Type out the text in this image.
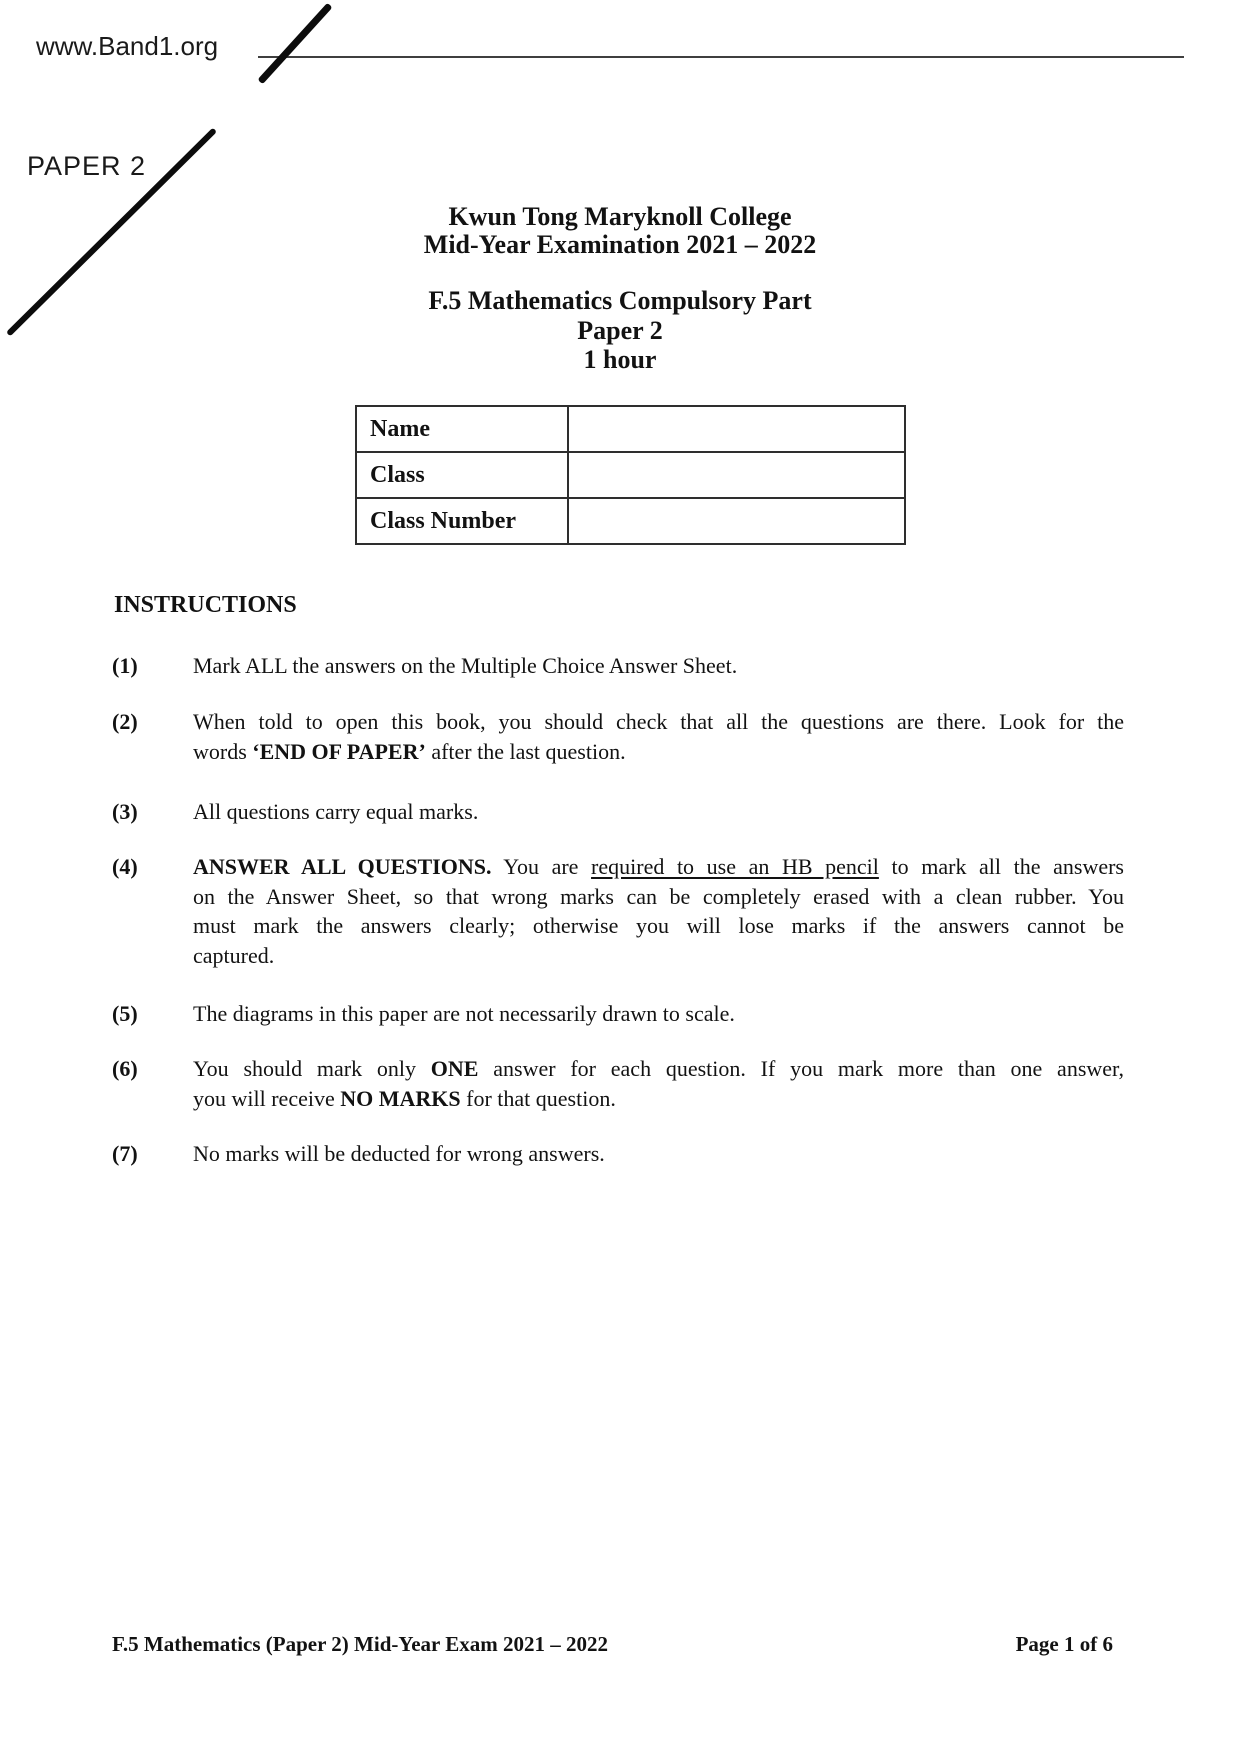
www.Band1.org
PAPER 2
Kwun Tong Maryknoll College
Mid-Year Examination 2021 – 2022
F.5 Mathematics Compulsory Part
Paper 2
1 hour
Name	
Class	
Class Number	
INSTRUCTIONS
(1)	Mark ALL the answers on the Multiple Choice Answer Sheet.
(2)	When told to open this book, you should check that all the questions are there. Look for the
words ‘END OF PAPER’ after the last question.
(3)	All questions carry equal marks.
(4)	ANSWER ALL QUESTIONS. You are required to use an HB pencil to mark all the answers
on the Answer Sheet, so that wrong marks can be completely erased with a clean rubber. You
must mark the answers clearly; otherwise you will lose marks if the answers cannot be
captured.
(5)	The diagrams in this paper are not necessarily drawn to scale.
(6)	You should mark only ONE answer for each question. If you mark more than one answer,
you will receive NO MARKS for that question.
(7)	No marks will be deducted for wrong answers.
F.5 Mathematics (Paper 2) Mid-Year Exam 2021 – 2022	Page 1 of 6
